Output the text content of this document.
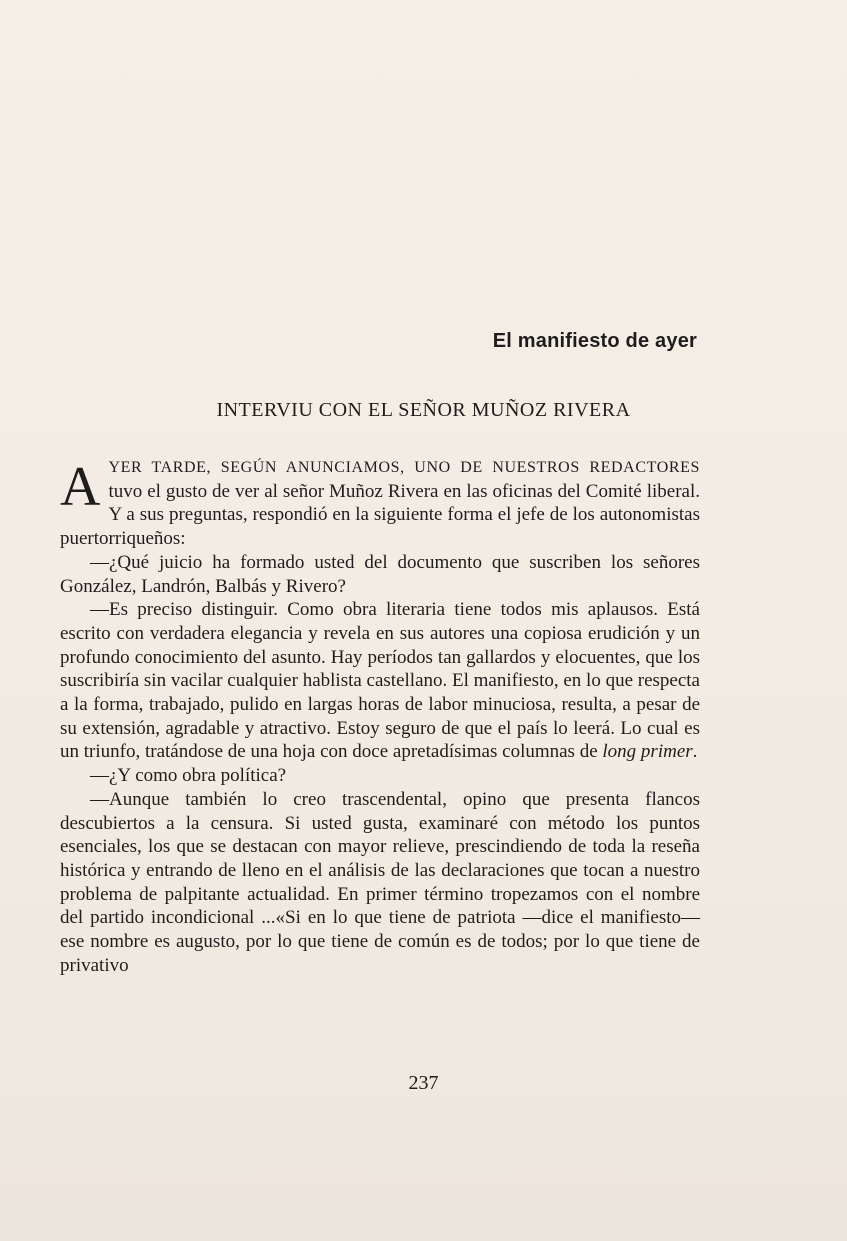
El manifiesto de ayer
INTERVIU CON EL SEÑOR MUÑOZ RIVERA

AYER TARDE, SEGÚN ANUNCIAMOS, UNO DE NUESTROS REDACTORES tuvo el gusto de ver al señor Muñoz Rivera en las oficinas del Comité liberal. Y a sus preguntas, respondió en la siguiente forma el jefe de los autonomistas puertorriqueños:

—¿Qué juicio ha formado usted del documento que suscriben los señores González, Landrón, Balbás y Rivero?

—Es preciso distinguir. Como obra literaria tiene todos mis aplausos. Está escrito con verdadera elegancia y revela en sus autores una copiosa erudición y un profundo conocimiento del asunto. Hay períodos tan gallardos y elocuentes, que los suscribiría sin vacilar cualquier hablista castellano. El manifiesto, en lo que respecta a la forma, trabajado, pulido en largas horas de labor minuciosa, resulta, a pesar de su extensión, agradable y atractivo. Estoy seguro de que el país lo leerá. Lo cual es un triunfo, tratándose de una hoja con doce apretadísimas columnas de long primer.

—¿Y como obra política?

—Aunque también lo creo trascendental, opino que presenta flancos descubiertos a la censura. Si usted gusta, examinaré con método los puntos esenciales, los que se destacan con mayor relieve, prescindiendo de toda la reseña histórica y entrando de lleno en el análisis de las declaraciones que tocan a nuestro problema de palpitante actualidad. En primer término tropezamos con el nombre del partido incondicional ...«Si en lo que tiene de patriota —dice el manifiesto— ese nombre es augusto, por lo que tiene de común es de todos; por lo que tiene de privativo

237
